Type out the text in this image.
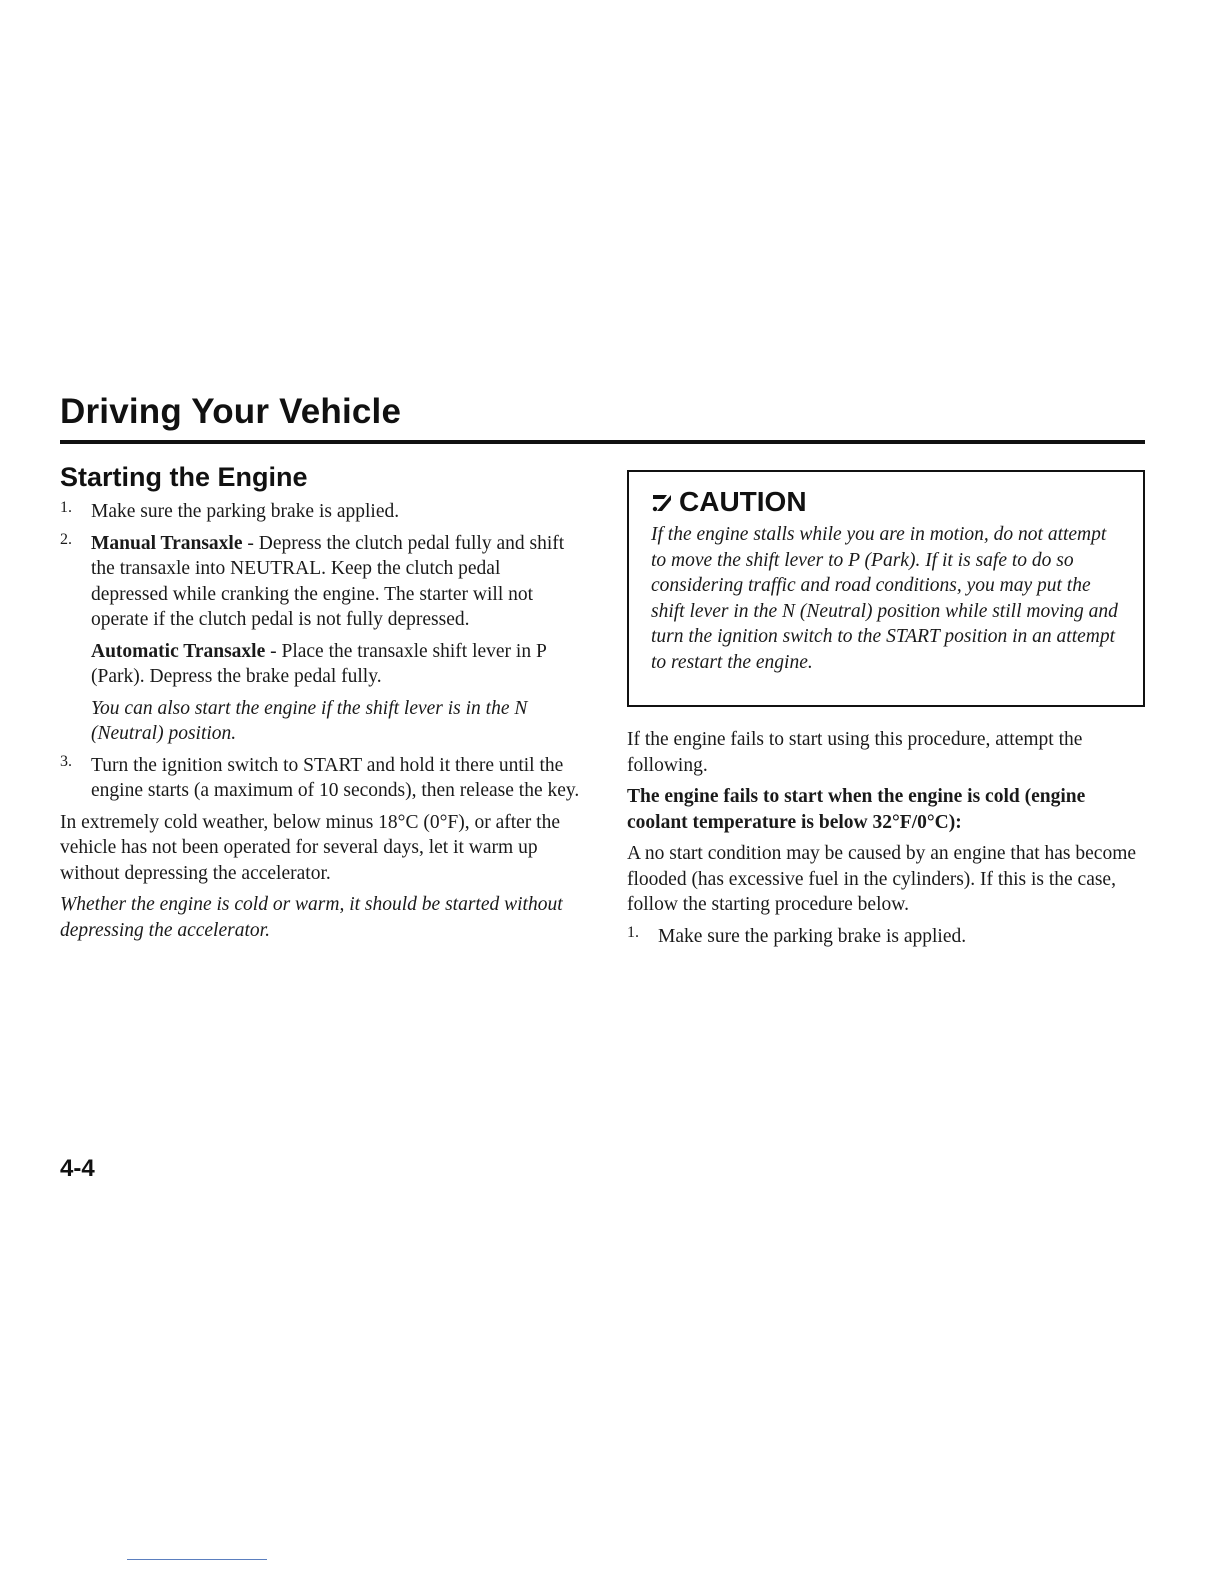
Driving Your Vehicle
Starting the Engine
1. Make sure the parking brake is applied.

2. Manual Transaxle - Depress the clutch pedal fully and shift the transaxle into NEUTRAL. Keep the clutch pedal depressed while cranking the engine. The starter will not operate if the clutch pedal is not fully depressed.

Automatic Transaxle - Place the transaxle shift lever in P (Park). Depress the brake pedal fully.

You can also start the engine if the shift lever is in the N (Neutral) position.

3. Turn the ignition switch to START and hold it there until the engine starts (a maximum of 10 seconds), then release the key.

In extremely cold weather, below minus 18°C (0°F), or after the vehicle has not been operated for several days, let it warm up without depressing the accelerator.

Whether the engine is cold or warm, it should be started without depressing the accelerator.

CAUTION

If the engine stalls while you are in motion, do not attempt to move the shift lever to P (Park). If it is safe to do so considering traffic and road conditions, you may put the shift lever in the N (Neutral) position while still moving and turn the ignition switch to the START position in an attempt to restart the engine.

If the engine fails to start using this procedure, attempt the following.

The engine fails to start when the engine is cold (engine coolant temperature is below 32°F/0°C):

A no start condition may be caused by an engine that has become flooded (has excessive fuel in the cylinders). If this is the case, follow the starting procedure below.

1. Make sure the parking brake is applied.

4-4
